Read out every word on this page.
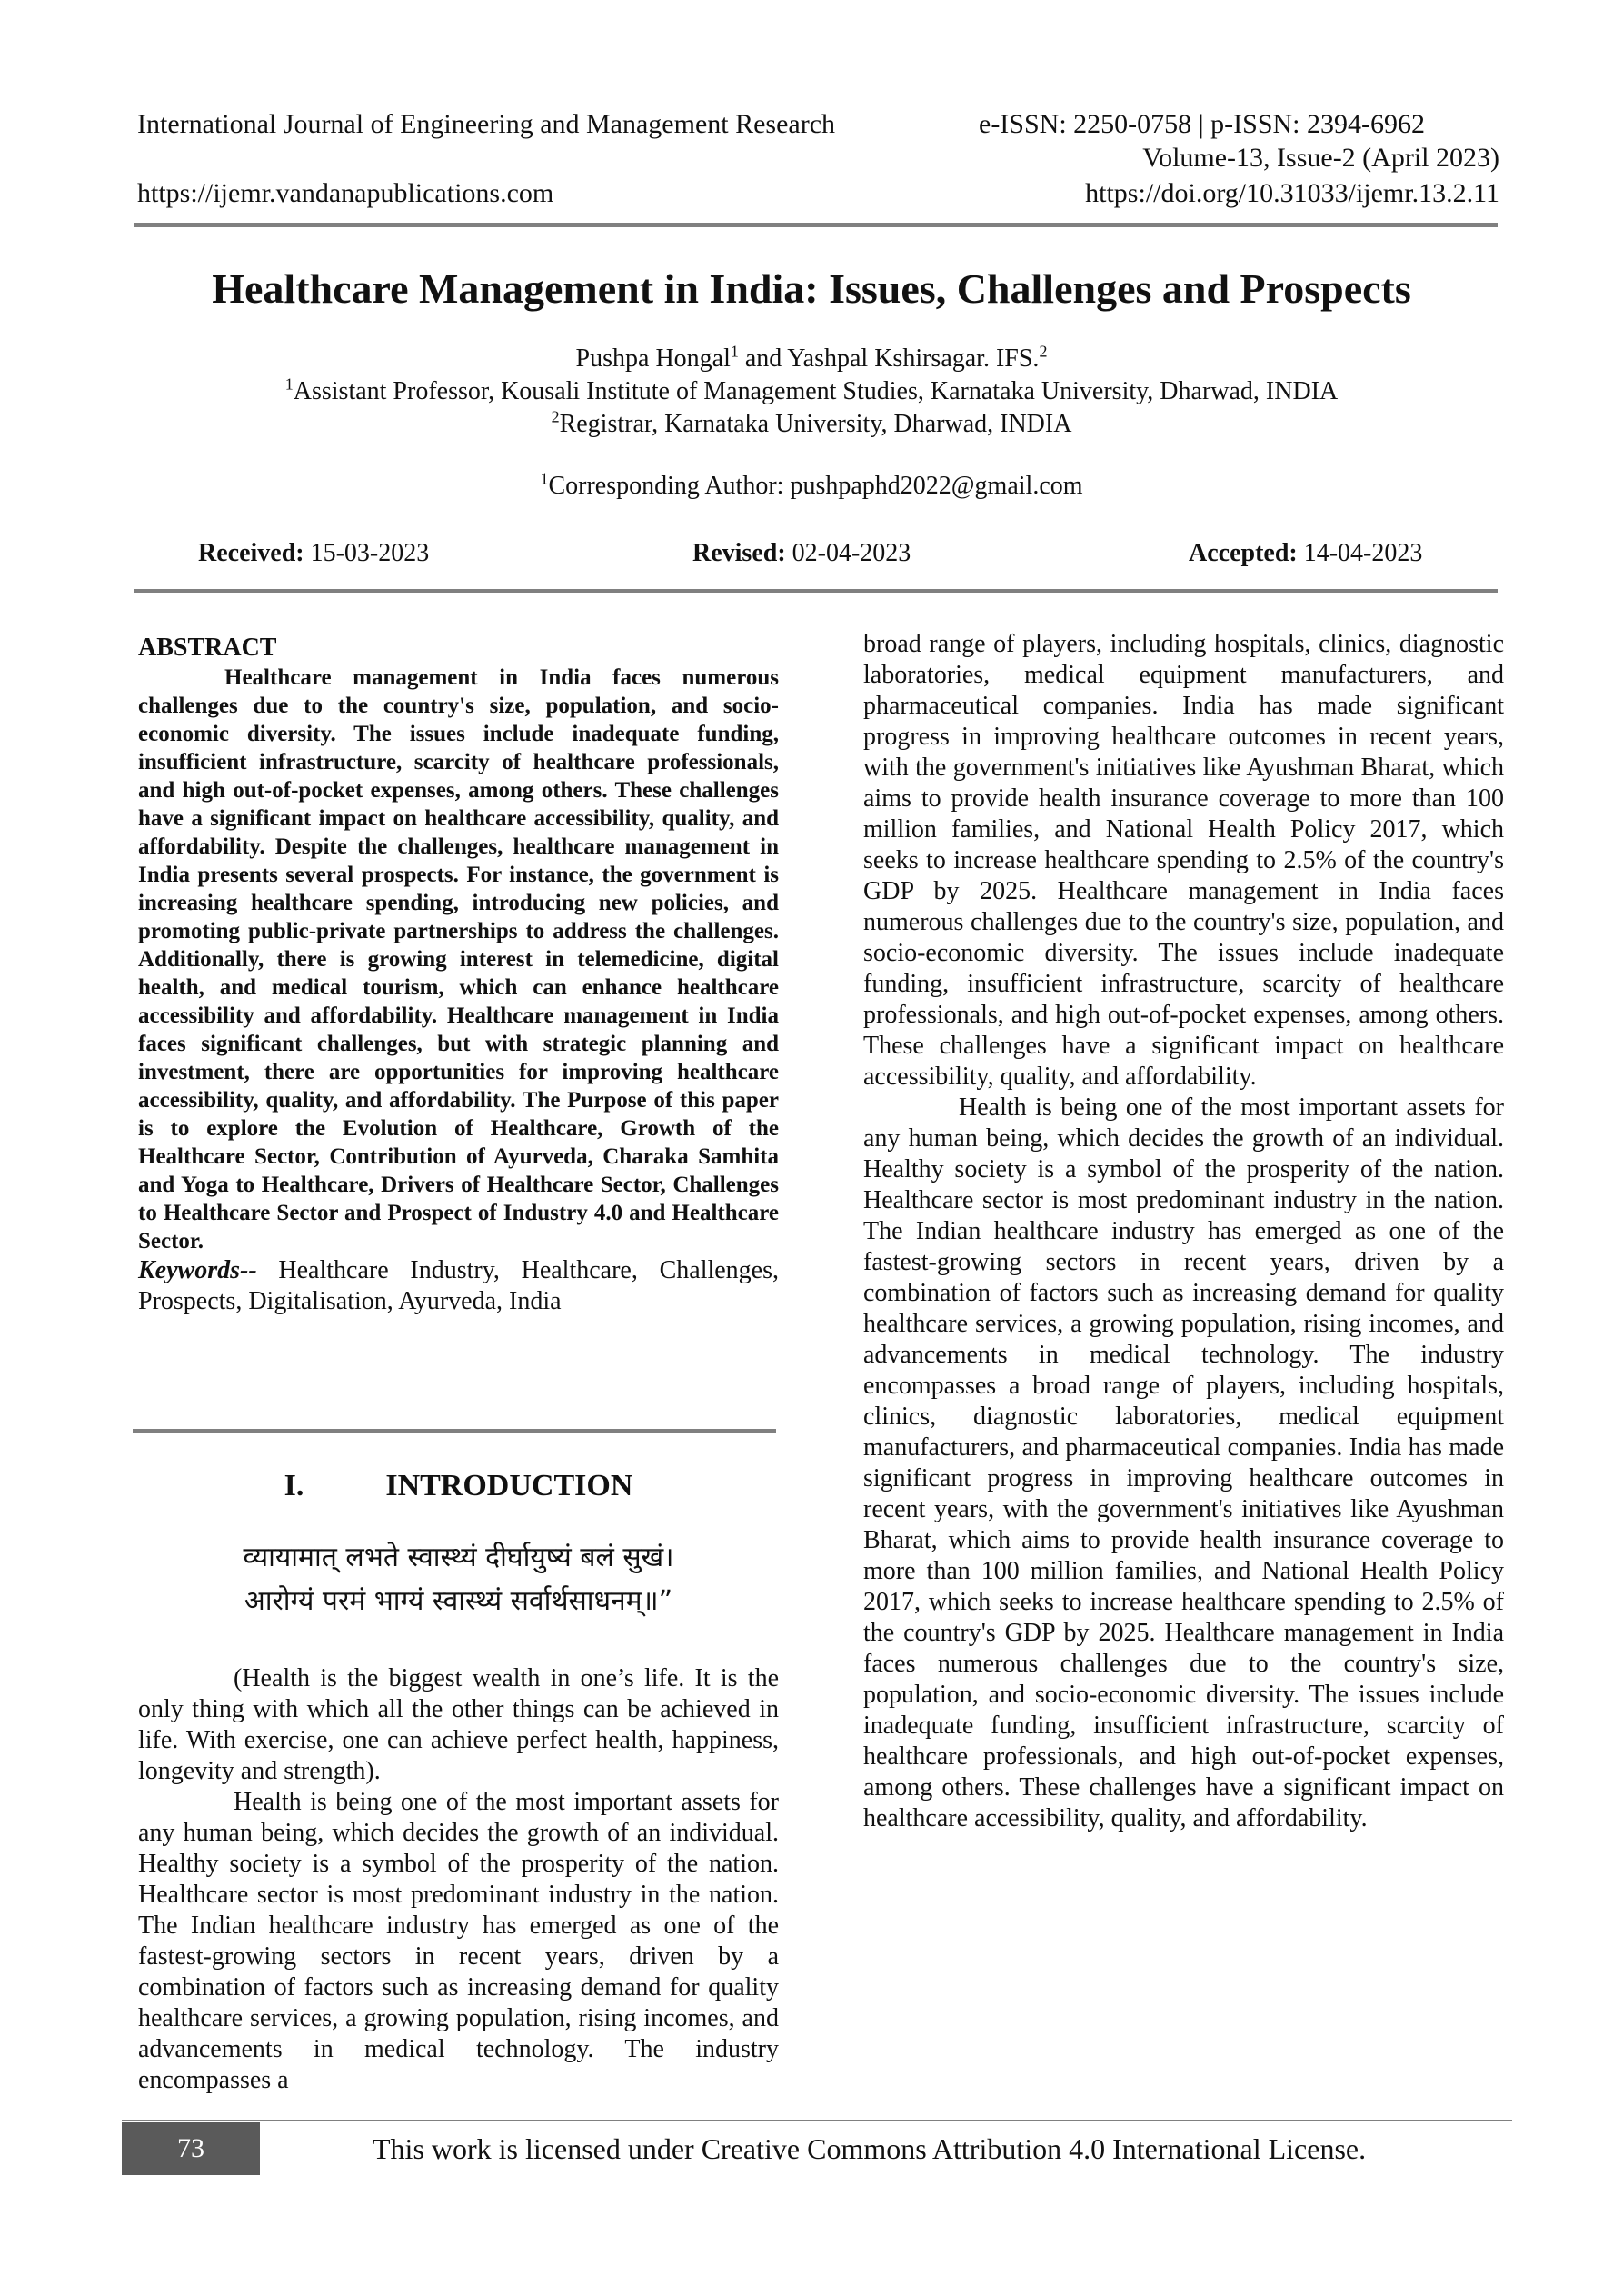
International Journal of Engineering and Management Research	e-ISSN: 2250-0758 | p-ISSN: 2394-6962
Volume-13, Issue-2 (April 2023)
https://ijemr.vandanapublications.com	https://doi.org/10.31033/ijemr.13.2.11
Healthcare Management in India: Issues, Challenges and Prospects
Pushpa Hongal$^1$ and Yashpal Kshirsagar. IFS.$^2$
$^1$Assistant Professor, Kousali Institute of Management Studies, Karnataka University, Dharwad, INDIA
$^2$Registrar, Karnataka University, Dharwad, INDIA
$^1$Corresponding Author: pushpaphd2022@gmail.com
Received: 15-03-2023	Revised: 02-04-2023	Accepted: 14-04-2023
ABSTRACT

Healthcare management in India faces numerous challenges due to the country's size, population, and socio-economic diversity. The issues include inadequate funding, insufficient infrastructure, scarcity of healthcare professionals, and high out-of-pocket expenses, among others. These challenges have a significant impact on healthcare accessibility, quality, and affordability. Despite the challenges, healthcare management in India presents several prospects. For instance, the government is increasing healthcare spending, introducing new policies, and promoting public-private partnerships to address the challenges. Additionally, there is growing interest in telemedicine, digital health, and medical tourism, which can enhance healthcare accessibility and affordability. Healthcare management in India faces significant challenges, but with strategic planning and investment, there are opportunities for improving healthcare accessibility, quality, and affordability. The Purpose of this paper is to explore the Evolution of Healthcare, Growth of the Healthcare Sector, Contribution of Ayurveda, Charaka Samhita and Yoga to Healthcare, Drivers of Healthcare Sector, Challenges to Healthcare Sector and Prospect of Industry 4.0 and Healthcare Sector.

Keywords-- Healthcare Industry, Healthcare, Challenges, Prospects, Digitalisation, Ayurveda, India

I.	INTRODUCTION
व्यायामात् लभते स्वास्थ्यं दीर्घायुष्यं बलं सुखं।
आरोग्यं परमं भाग्यं स्वास्थ्यं सर्वार्थसाधनम्॥”

(Health is the biggest wealth in one’s life. It is the only thing with which all the other things can be achieved in life. With exercise, one can achieve perfect health, happiness, longevity and strength).

Health is being one of the most important assets for any human being, which decides the growth of an individual. Healthy society is a symbol of the prosperity of the nation. Healthcare sector is most predominant industry in the nation. The Indian healthcare industry has emerged as one of the fastest-growing sectors in recent years, driven by a combination of factors such as increasing demand for quality healthcare services, a growing population, rising incomes, and advancements in medical technology. The industry encompasses a

broad range of players, including hospitals, clinics, diagnostic laboratories, medical equipment manufacturers, and pharmaceutical companies. India has made significant progress in improving healthcare outcomes in recent years, with the government's initiatives like Ayushman Bharat, which aims to provide health insurance coverage to more than 100 million families, and National Health Policy 2017, which seeks to increase healthcare spending to 2.5% of the country's GDP by 2025. Healthcare management in India faces numerous challenges due to the country's size, population, and socio-economic diversity. The issues include inadequate funding, insufficient infrastructure, scarcity of healthcare professionals, and high out-of-pocket expenses, among others. These challenges have a significant impact on healthcare accessibility, quality, and affordability.

Health is being one of the most important assets for any human being, which decides the growth of an individual. Healthy society is a symbol of the prosperity of the nation. Healthcare sector is most predominant industry in the nation. The Indian healthcare industry has emerged as one of the fastest-growing sectors in recent years, driven by a combination of factors such as increasing demand for quality healthcare services, a growing population, rising incomes, and advancements in medical technology. The industry encompasses a broad range of players, including hospitals, clinics, diagnostic laboratories, medical equipment manufacturers, and pharmaceutical companies. India has made significant progress in improving healthcare outcomes in recent years, with the government's initiatives like Ayushman Bharat, which aims to provide health insurance coverage to more than 100 million families, and National Health Policy 2017, which seeks to increase healthcare spending to 2.5% of the country's GDP by 2025. Healthcare management in India faces numerous challenges due to the country's size, population, and socio-economic diversity. The issues include inadequate funding, insufficient infrastructure, scarcity of healthcare professionals, and high out-of-pocket expenses, among others. These challenges have a significant impact on healthcare accessibility, quality, and affordability.

73	This work is licensed under Creative Commons Attribution 4.0 International License.
